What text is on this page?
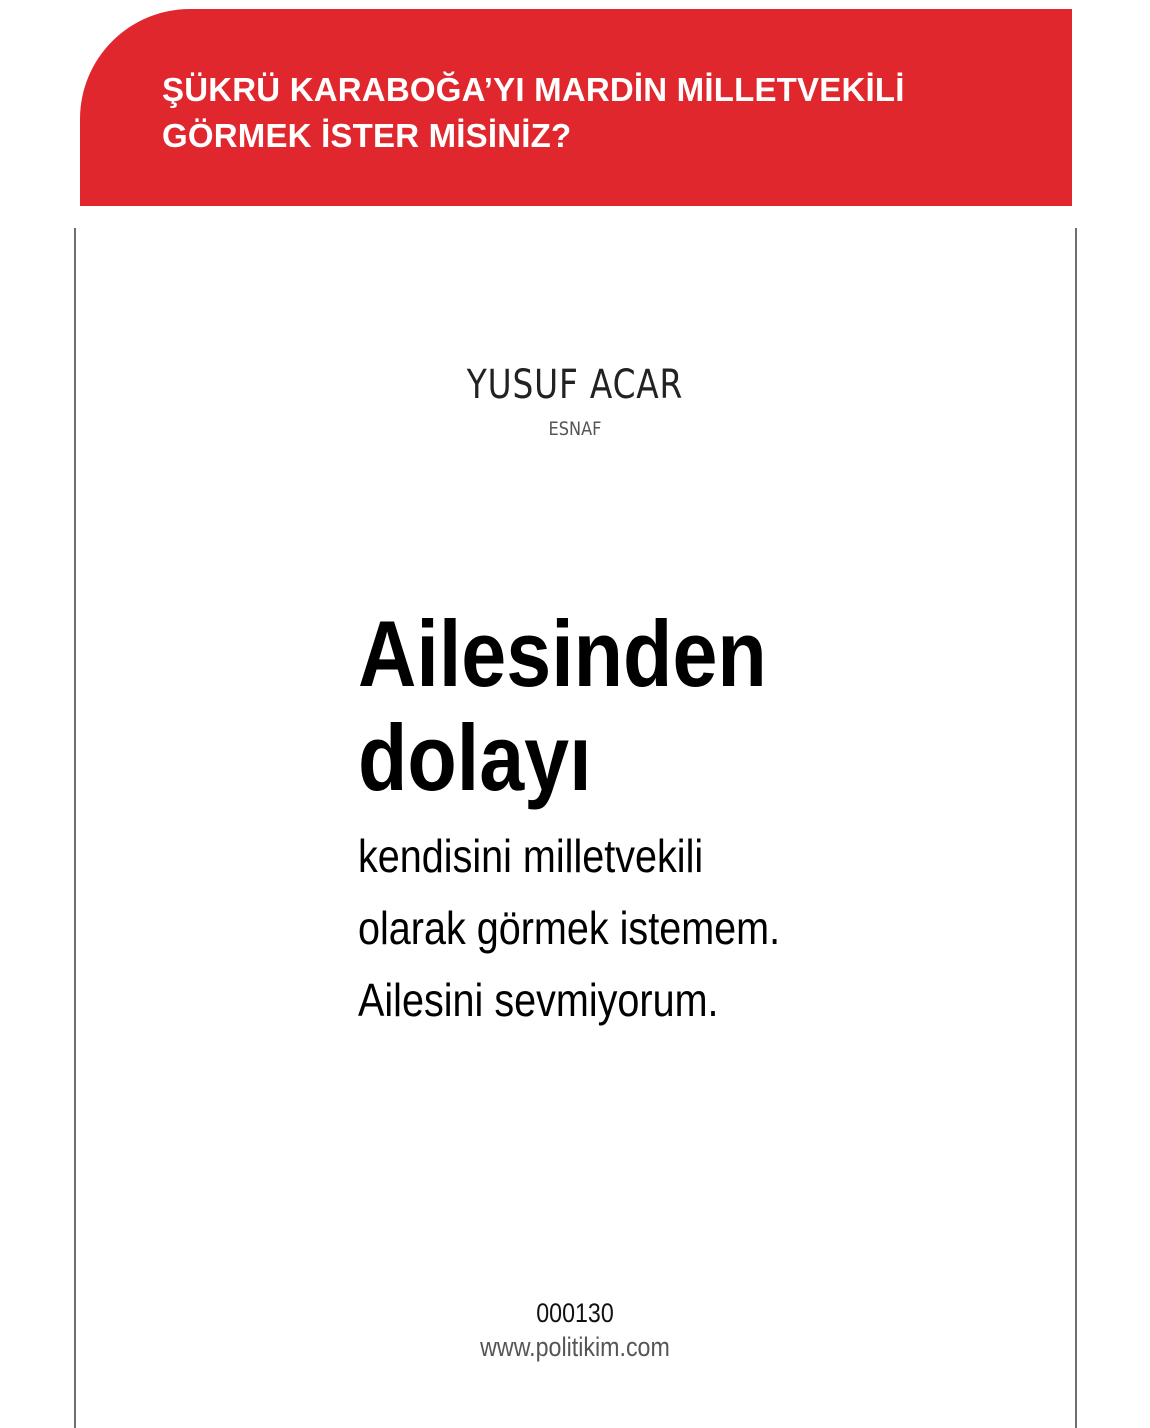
ŞÜKRÜ KARABOĞA’YI MARDİN MİLLETVEKİLİ
GÖRMEK İSTER MİSİNİZ?
YUSUF ACAR
ESNAF
Ailesinden
dolayı

kendisini milletvekili
olarak görmek istemem.
Ailesini sevmiyorum.

000130
www.politikim.com
